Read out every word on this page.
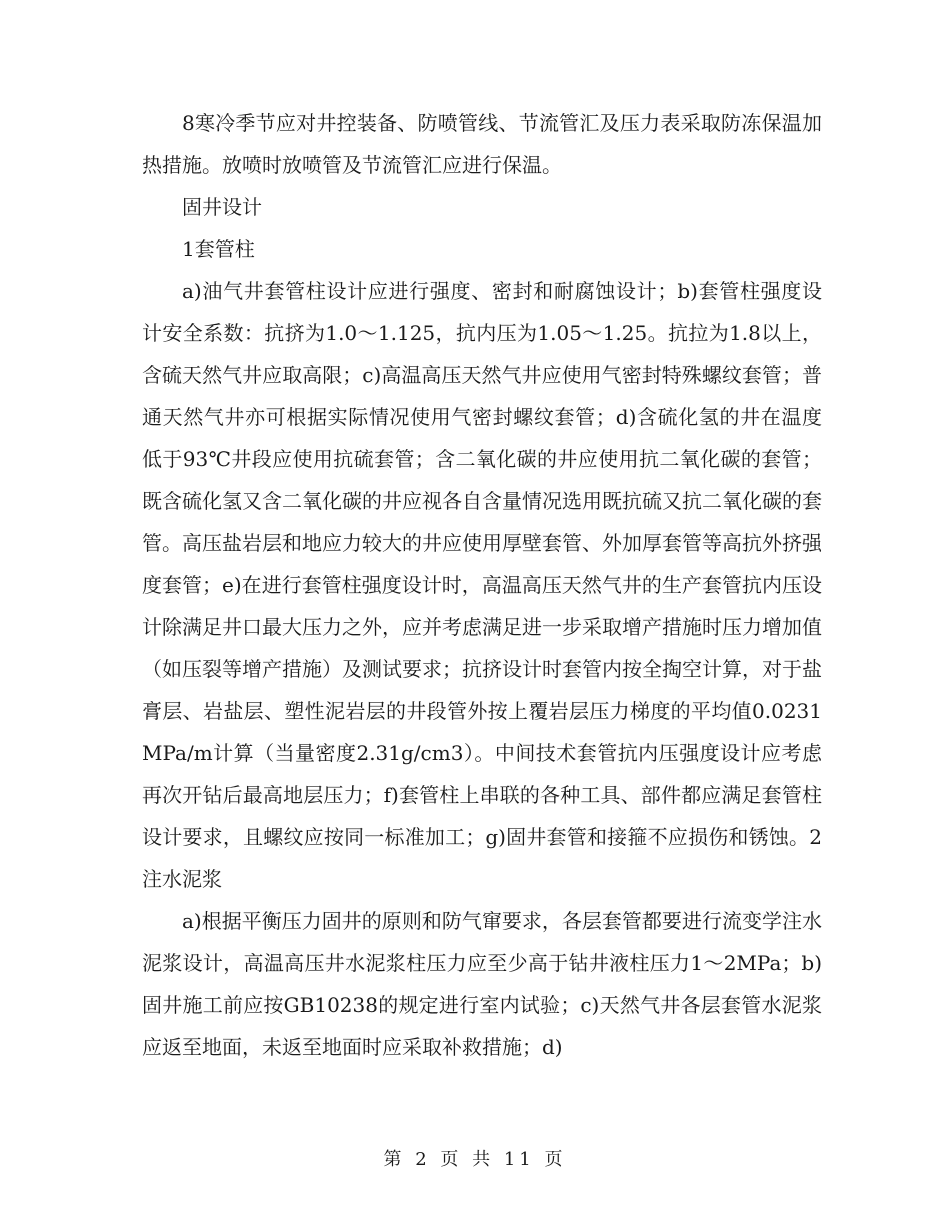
8寒冷季节应对井控装备、防喷管线、节流管汇及压力表采取防冻保温加热措施。放喷时放喷管及节流管汇应进行保温。

固井设计

1套管柱

a)油气井套管柱设计应进行强度、密封和耐腐蚀设计；b)套管柱强度设计安全系数：抗挤为1.0～1.125，抗内压为1.05～1.25。抗拉为1.8以上，含硫天然气井应取高限；c)高温高压天然气井应使用气密封特殊螺纹套管；普通天然气井亦可根据实际情况使用气密封螺纹套管；d)含硫化氢的井在温度低于93℃井段应使用抗硫套管；含二氧化碳的井应使用抗二氧化碳的套管；既含硫化氢又含二氧化碳的井应视各自含量情况选用既抗硫又抗二氧化碳的套管。高压盐岩层和地应力较大的井应使用厚壁套管、外加厚套管等高抗外挤强度套管；e)在进行套管柱强度设计时，高温高压天然气井的生产套管抗内压设计除满足井口最大压力之外，应并考虑满足进一步采取增产措施时压力增加值（如压裂等增产措施）及测试要求；抗挤设计时套管内按全掏空计算，对于盐膏层、岩盐层、塑性泥岩层的井段管外按上覆岩层压力梯度的平均值0.0231MPa/m计算（当量密度2.31g/cm3）。中间技术套管抗内压强度设计应考虑再次开钻后最高地层压力；f)套管柱上串联的各种工具、部件都应满足套管柱设计要求，且螺纹应按同一标准加工；g)固井套管和接箍不应损伤和锈蚀。2注水泥浆

a)根据平衡压力固井的原则和防气窜要求，各层套管都要进行流变学注水泥浆设计，高温高压井水泥浆柱压力应至少高于钻井液柱压力1～2MPa；b)固井施工前应按GB10238的规定进行室内试验；c)天然气井各层套管水泥浆应返至地面，未返至地面时应采取补救措施；d)

第 2 页 共 11 页
